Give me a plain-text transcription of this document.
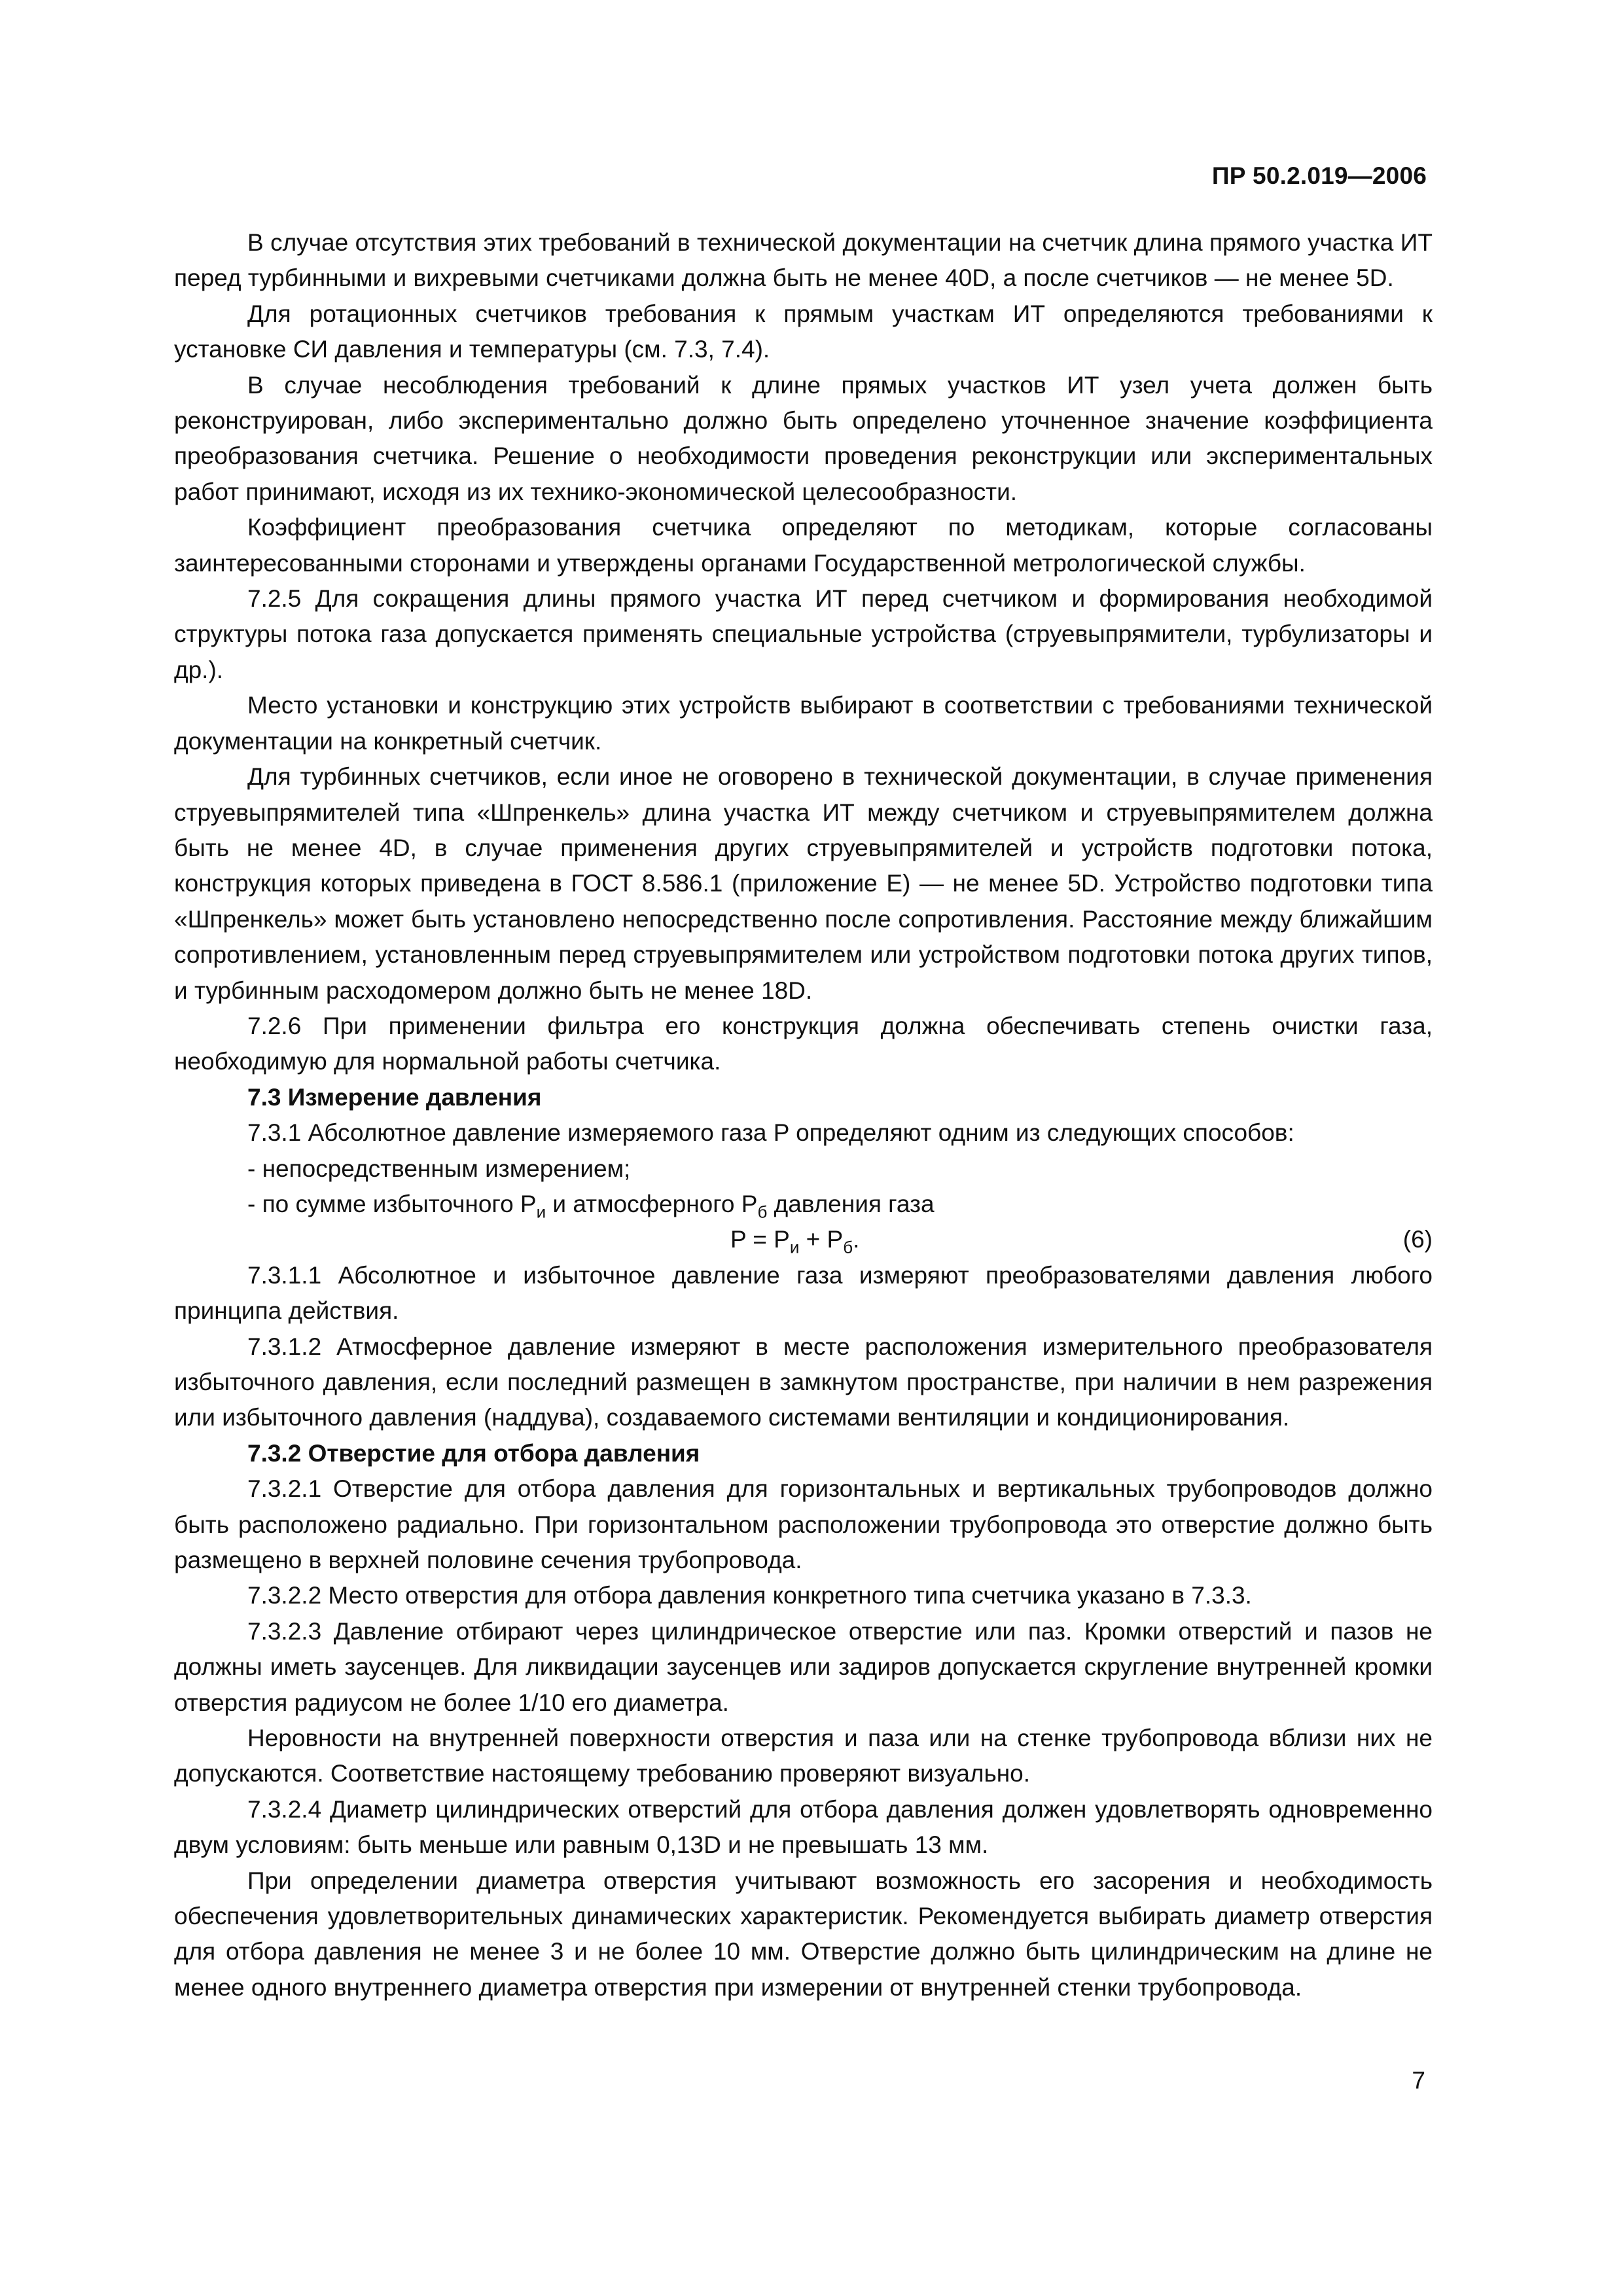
ПР 50.2.019—2006

В случае отсутствия этих требований в технической документации на счетчик длина прямого участка ИТ перед турбинными и вихревыми счетчиками должна быть не менее 40D, а после счетчиков — не менее 5D.

Для ротационных счетчиков требования к прямым участкам ИТ определяются требованиями к установке СИ давления и температуры (см. 7.3, 7.4).

В случае несоблюдения требований к длине прямых участков ИТ узел учета должен быть реконструирован, либо экспериментально должно быть определено уточненное значение коэффициента преобразования счетчика. Решение о необходимости проведения реконструкции или экспериментальных работ принимают, исходя из их технико-экономической целесообразности.

Коэффициент преобразования счетчика определяют по методикам, которые согласованы заинтересованными сторонами и утверждены органами Государственной метрологической службы.

7.2.5 Для сокращения длины прямого участка ИТ перед счетчиком и формирования необходимой структуры потока газа допускается применять специальные устройства (струевыпрямители, турбулизаторы и др.).

Место установки и конструкцию этих устройств выбирают в соответствии с требованиями технической документации на конкретный счетчик.

Для турбинных счетчиков, если иное не оговорено в технической документации, в случае применения струевыпрямителей типа «Шпренкель» длина участка ИТ между счетчиком и струевыпрямителем должна быть не менее 4D, в случае применения других струевыпрямителей и устройств подготовки потока, конструкция которых приведена в ГОСТ 8.586.1 (приложение Е) — не менее 5D. Устройство подготовки типа «Шпренкель» может быть установлено непосредственно после сопротивления. Расстояние между ближайшим сопротивлением, установленным перед струевыпрямителем или устройством подготовки потока других типов, и турбинным расходомером должно быть не менее 18D.

7.2.6 При применении фильтра его конструкция должна обеспечивать степень очистки газа, необходимую для нормальной работы счетчика.

7.3 Измерение давления

7.3.1 Абсолютное давление измеряемого газа P определяют одним из следующих способов:

- непосредственным измерением;

- по сумме избыточного $P_и$ и атмосферного $P_б$ давления газа

$P = P_и + P_б$.	(6)

7.3.1.1 Абсолютное и избыточное давление газа измеряют преобразователями давления любого принципа действия.

7.3.1.2 Атмосферное давление измеряют в месте расположения измерительного преобразователя избыточного давления, если последний размещен в замкнутом пространстве, при наличии в нем разрежения или избыточного давления (наддува), создаваемого системами вентиляции и кондиционирования.

7.3.2 Отверстие для отбора давления

7.3.2.1 Отверстие для отбора давления для горизонтальных и вертикальных трубопроводов должно быть расположено радиально. При горизонтальном расположении трубопровода это отверстие должно быть размещено в верхней половине сечения трубопровода.

7.3.2.2 Место отверстия для отбора давления конкретного типа счетчика указано в 7.3.3.

7.3.2.3 Давление отбирают через цилиндрическое отверстие или паз. Кромки отверстий и пазов не должны иметь заусенцев. Для ликвидации заусенцев или задиров допускается скругление внутренней кромки отверстия радиусом не более 1/10 его диаметра.

Неровности на внутренней поверхности отверстия и паза или на стенке трубопровода вблизи них не допускаются. Соответствие настоящему требованию проверяют визуально.

7.3.2.4 Диаметр цилиндрических отверстий для отбора давления должен удовлетворять одновременно двум условиям: быть меньше или равным 0,13D и не превышать 13 мм.

При определении диаметра отверстия учитывают возможность его засорения и необходимость обеспечения удовлетворительных динамических характеристик. Рекомендуется выбирать диаметр отверстия для отбора давления не менее 3 и не более 10 мм. Отверстие должно быть цилиндрическим на длине не менее одного внутреннего диаметра отверстия при измерении от внутренней стенки трубопровода.

7
